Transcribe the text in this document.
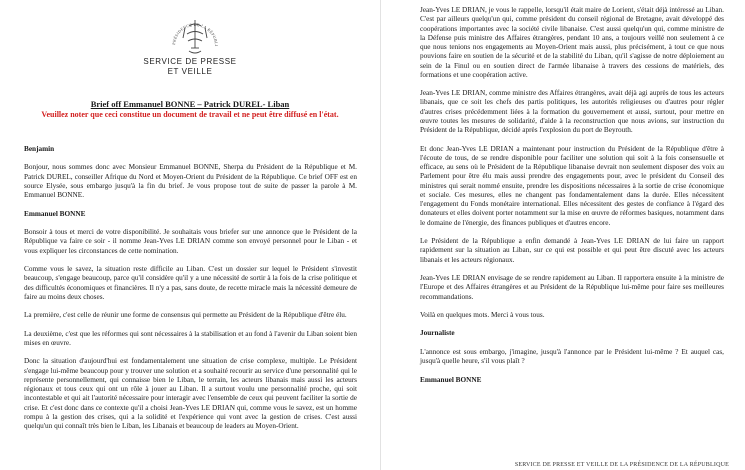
PRÉSIDENCE DE LA RÉPUBLI
SERVICE DE PRESSE
ET VEILLE
Brief off Emmanuel BONNE – Patrick DUREL- Liban
Veuillez noter que ceci constitue un document de travail et ne peut être diffusé en l'état.

Benjamin

Bonjour, nous sommes donc avec Monsieur Emmanuel BONNE, Sherpa du Président de la République et M. Patrick DUREL, conseiller Afrique du Nord et Moyen-Orient du Président de la République. Ce brief OFF est en source Elysée, sous embargo jusqu'à la fin du brief. Je vous propose tout de suite de passer la parole à M. Emmanuel BONNE.

Emmanuel BONNE

Bonsoir à tous et merci de votre disponibilité. Je souhaitais vous briefer sur une annonce que le Président de la République va faire ce soir - il nomme Jean-Yves LE DRIAN comme son envoyé personnel pour le Liban - et vous expliquer les circonstances de cette nomination.

Comme vous le savez, la situation reste difficile au Liban. C'est un dossier sur lequel le Président s'investit beaucoup, s'engage beaucoup, parce qu'il considère qu'il y a une nécessité de sortir à la fois de la crise politique et des difficultés économiques et financières. Il n'y a pas, sans doute, de recette miracle mais la nécessité demeure de faire au moins deux choses.

La première, c'est celle de réunir une forme de consensus qui permette au Président de la République d'être élu.

La deuxième, c'est que les réformes qui sont nécessaires à la stabilisation et au fond à l'avenir du Liban soient bien mises en œuvre.

Donc la situation d'aujourd'hui est fondamentalement une situation de crise complexe, multiple. Le Président s'engage lui-même beaucoup pour y trouver une solution et a souhaité recourir au service d'une personnalité qui le représente personnellement, qui connaisse bien le Liban, le terrain, les acteurs libanais mais aussi les acteurs régionaux et tous ceux qui ont un rôle à jouer au Liban. Il a surtout voulu une personnalité proche, qui soit incontestable et qui ait l'autorité nécessaire pour interagir avec l'ensemble de ceux qui peuvent faciliter la sortie de crise. Et c'est donc dans ce contexte qu'il a choisi Jean-Yves LE DRIAN qui, comme vous le savez, est un homme rompu à la gestion des crises, qui a la solidité et l'expérience qui vont avec la gestion de crises. C'est aussi quelqu'un qui connaît très bien le Liban, les Libanais et beaucoup de leaders au Moyen-Orient.

Jean-Yves LE DRIAN, je vous le rappelle, lorsqu'il était maire de Lorient, s'était déjà intéressé au Liban. C'est par ailleurs quelqu'un qui, comme président du conseil régional de Bretagne, avait développé des coopérations importantes avec la société civile libanaise. C'est aussi quelqu'un qui, comme ministre de la Défense puis ministre des Affaires étrangères, pendant 10 ans, a toujours veillé non seulement à ce que nous tenions nos engagements au Moyen-Orient mais aussi, plus précisément, à tout ce que nous pouvions faire en soutien de la sécurité et de la stabilité du Liban, qu'il s'agisse de notre déploiement au sein de la Finul ou en soutien direct de l'armée libanaise à travers des cessions de matériels, des formations et une coopération active.

Jean-Yves LE DRIAN, comme ministre des Affaires étrangères, avait déjà agi auprès de tous les acteurs libanais, que ce soit les chefs des partis politiques, les autorités religieuses ou d'autres pour régler d'autres crises précédemment liées à la formation du gouvernement et aussi, surtout, pour mettre en œuvre toutes les mesures de solidarité, d'aide à la reconstruction que nous avions, sur instruction du Président de la République, décidé après l'explosion du port de Beyrouth.

Et donc Jean-Yves LE DRIAN a maintenant pour instruction du Président de la République d'être à l'écoute de tous, de se rendre disponible pour faciliter une solution qui soit à la fois consensuelle et efficace, au sens où le Président de la République libanaise devrait non seulement disposer des voix au Parlement pour être élu mais aussi prendre des engagements pour, avec le président du Conseil des ministres qui serait nommé ensuite, prendre les dispositions nécessaires à la sortie de crise économique et sociale. Ces mesures, elles ne changent pas fondamentalement dans la durée. Elles nécessitent l'engagement du Fonds monétaire international. Elles nécessitent des gestes de confiance à l'égard des donateurs et elles doivent porter notamment sur la mise en œuvre de réformes basiques, notamment dans le domaine de l'énergie, des finances publiques et d'autres encore.

Le Président de la République a enfin demandé à Jean-Yves LE DRIAN de lui faire un rapport rapidement sur la situation au Liban, sur ce qui est possible et qui peut être discuté avec les acteurs libanais et les acteurs régionaux.

Jean-Yves LE DRIAN envisage de se rendre rapidement au Liban. Il rapportera ensuite à la ministre de l'Europe et des Affaires étrangères et au Président de la République lui-même pour faire ses meilleures recommandations.

Voilà en quelques mots. Merci à vous tous.

Journaliste

L'annonce est sous embargo, j'imagine, jusqu'à l'annonce par le Président lui-même ? Et auquel cas, jusqu'à quelle heure, s'il vous plaît ?

Emmanuel BONNE

SERVICE DE PRESSE ET VEILLE DE LA PRÉSIDENCE DE LA RÉPUBLIQUE
